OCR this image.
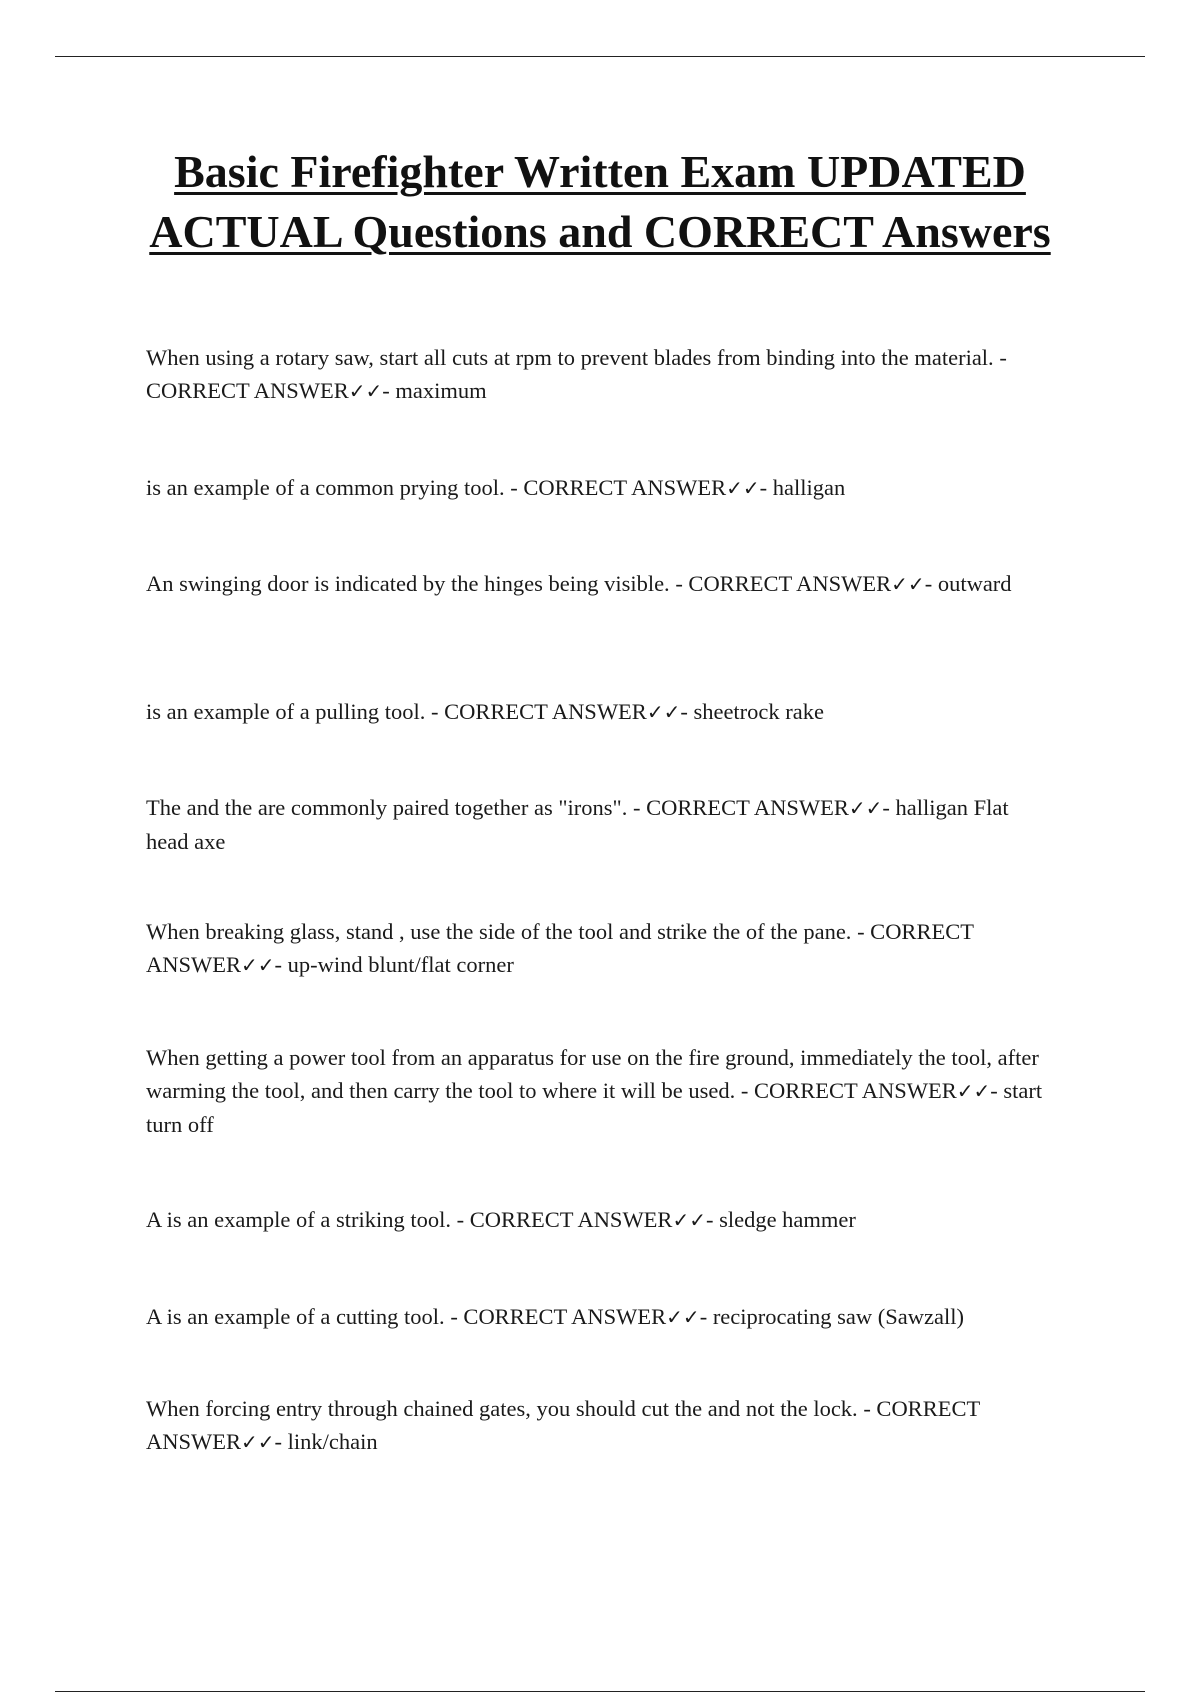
Basic Firefighter Written Exam UPDATED ACTUAL Questions and CORRECT Answers

When using a rotary saw, start all cuts at rpm to prevent blades from binding into the material. - CORRECT ANSWER✓✓- maximum

is an example of a common prying tool. - CORRECT ANSWER✓✓- halligan

An swinging door is indicated by the hinges being visible. - CORRECT ANSWER✓✓- outward

is an example of a pulling tool. - CORRECT ANSWER✓✓- sheetrock rake

The and the are commonly paired together as "irons". - CORRECT ANSWER✓✓- halligan Flat head axe

When breaking glass, stand , use the side of the tool and strike the of the pane. - CORRECT ANSWER✓✓- up-wind blunt/flat corner

When getting a power tool from an apparatus for use on the fire ground, immediately the tool, after warming the tool, and then carry the tool to where it will be used. - CORRECT ANSWER✓✓- start turn off

A is an example of a striking tool. - CORRECT ANSWER✓✓- sledge hammer

A is an example of a cutting tool. - CORRECT ANSWER✓✓- reciprocating saw (Sawzall)

When forcing entry through chained gates, you should cut the and not the lock. - CORRECT ANSWER✓✓- link/chain
